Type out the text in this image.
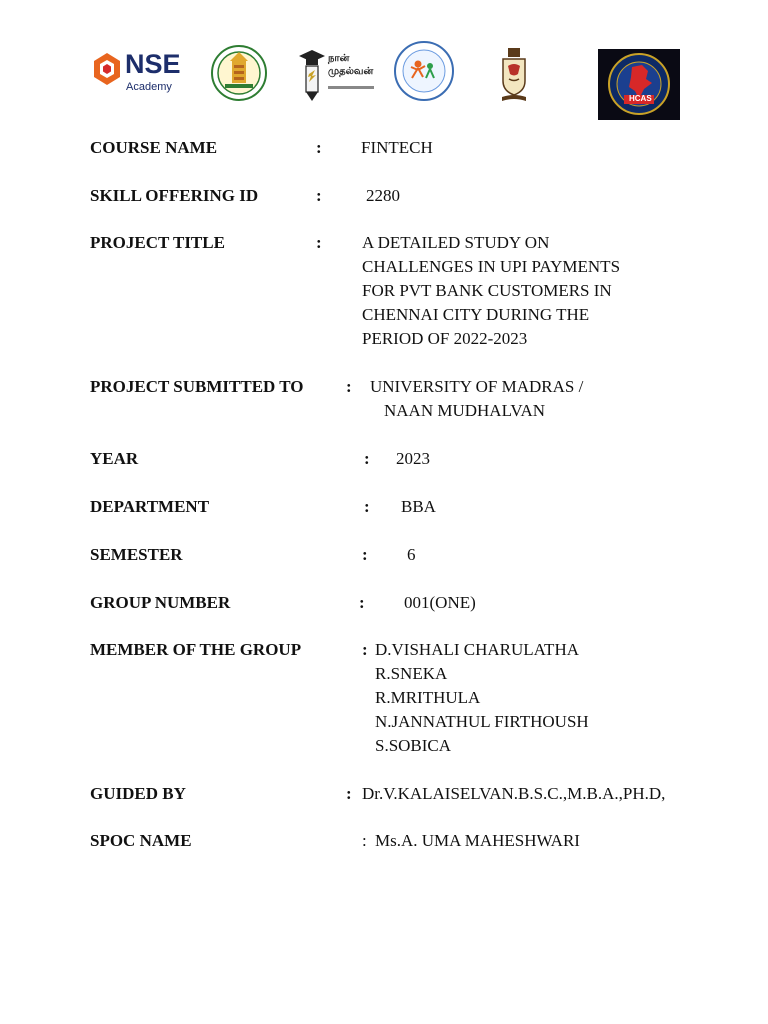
NSE
Academy
நான் முதல்வன்
HCAS
COURSE NAME	: FINTECH
SKILL OFFERING ID	:	2280
PROJECT TITLE	: A DETAILED STUDY ON
CHALLENGES IN UPI PAYMENTS
FOR PVT BANK CUSTOMERS IN
CHENNAI CITY DURING THE
PERIOD OF 2022-2023
PROJECT SUBMITTED TO : UNIVERSITY OF MADRAS /
NAAN MUDHALVAN
YEAR	: 2023
DEPARTMENT	: BBA
SEMESTER	: 6
GROUP NUMBER	: 001(ONE)
MEMBER OF THE GROUP	: D.VISHALI CHARULATHA
R.SNEKA
R.MRITHULA
N.JANNATHUL FIRTHOUSH
S.SOBICA
GUIDED BY	: Dr.V.KALAISELVAN.B.S.C.,M.B.A.,PH.D,
SPOC NAME	: Ms.A. UMA MAHESHWARI
